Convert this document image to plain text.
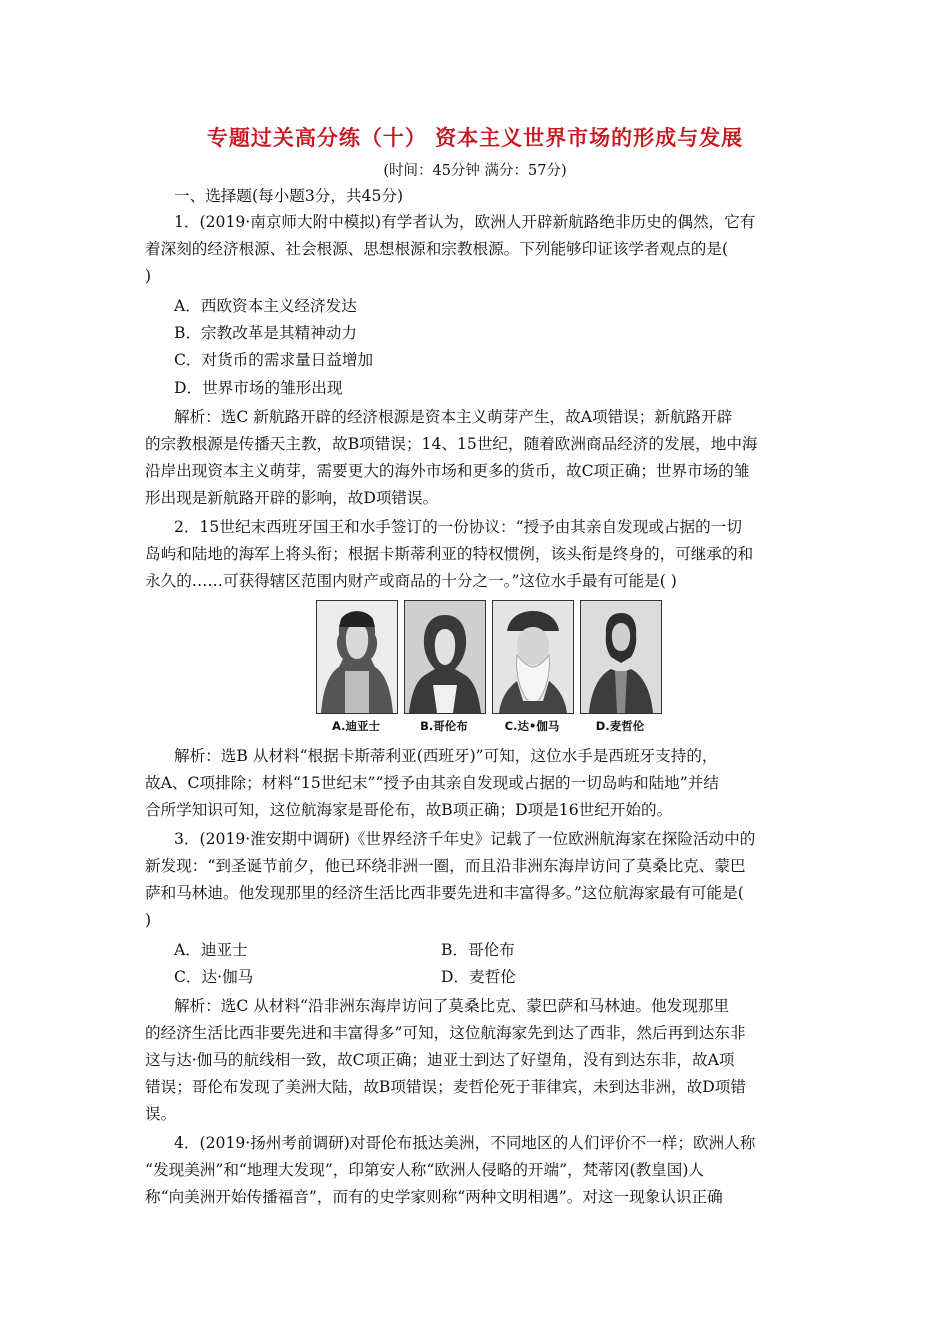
专题过关高分练（十） 资本主义世界市场的形成与发展
(时间：45分钟 满分：57分)
一、选择题(每小题3分，共45分)
1．(2019·南京师大附中模拟)有学者认为，欧洲人开辟新航路绝非历史的偶然，它有
着深刻的经济根源、社会根源、思想根源和宗教根源。下列能够印证该学者观点的是(
)
A．西欧资本主义经济发达
B．宗教改革是其精神动力
C．对货币的需求量日益增加
D．世界市场的雏形出现
解析：选C 新航路开辟的经济根源是资本主义萌芽产生，故A项错误；新航路开辟
的宗教根源是传播天主教，故B项错误；14、15世纪，随着欧洲商品经济的发展，地中海
沿岸出现资本主义萌芽，需要更大的海外市场和更多的货币，故C项正确；世界市场的雏
形出现是新航路开辟的影响，故D项错误。
2．15世纪末西班牙国王和水手签订的一份协议：“授予由其亲自发现或占据的一切
岛屿和陆地的海军上将头衔；根据卡斯蒂利亚的特权惯例，该头衔是终身的，可继承的和
永久的……可获得辖区范围内财产或商品的十分之一。”这位水手最有可能是( )
A.迪亚士	B.哥伦布	C.达•伽马	D.麦哲伦
解析：选B 从材料“根据卡斯蒂利亚(西班牙)”可知，这位水手是西班牙支持的，
故A、C项排除；材料“15世纪末”“授予由其亲自发现或占据的一切岛屿和陆地”并结
合所学知识可知，这位航海家是哥伦布，故B项正确；D项是16世纪开始的。
3．(2019·淮安期中调研)《世界经济千年史》记载了一位欧洲航海家在探险活动中的
新发现：“到圣诞节前夕，他已环绕非洲一圈，而且沿非洲东海岸访问了莫桑比克、蒙巴
萨和马林迪。他发现那里的经济生活比西非要先进和丰富得多。”这位航海家最有可能是(
)
A．迪亚士	B．哥伦布
C．达·伽马	D．麦哲伦
解析：选C 从材料“沿非洲东海岸访问了莫桑比克、蒙巴萨和马林迪。他发现那里
的经济生活比西非要先进和丰富得多”可知，这位航海家先到达了西非，然后再到达东非
这与达·伽马的航线相一致，故C项正确；迪亚士到达了好望角，没有到达东非，故A项
错误；哥伦布发现了美洲大陆，故B项错误；麦哲伦死于菲律宾，未到达非洲，故D项错
误。
4．(2019·扬州考前调研)对哥伦布抵达美洲，不同地区的人们评价不一样；欧洲人称
“发现美洲”和“地理大发现”，印第安人称“欧洲人侵略的开端”，梵蒂冈(教皇国)人
称“向美洲开始传播福音”，而有的史学家则称“两种文明相遇”。对这一现象认识正确
